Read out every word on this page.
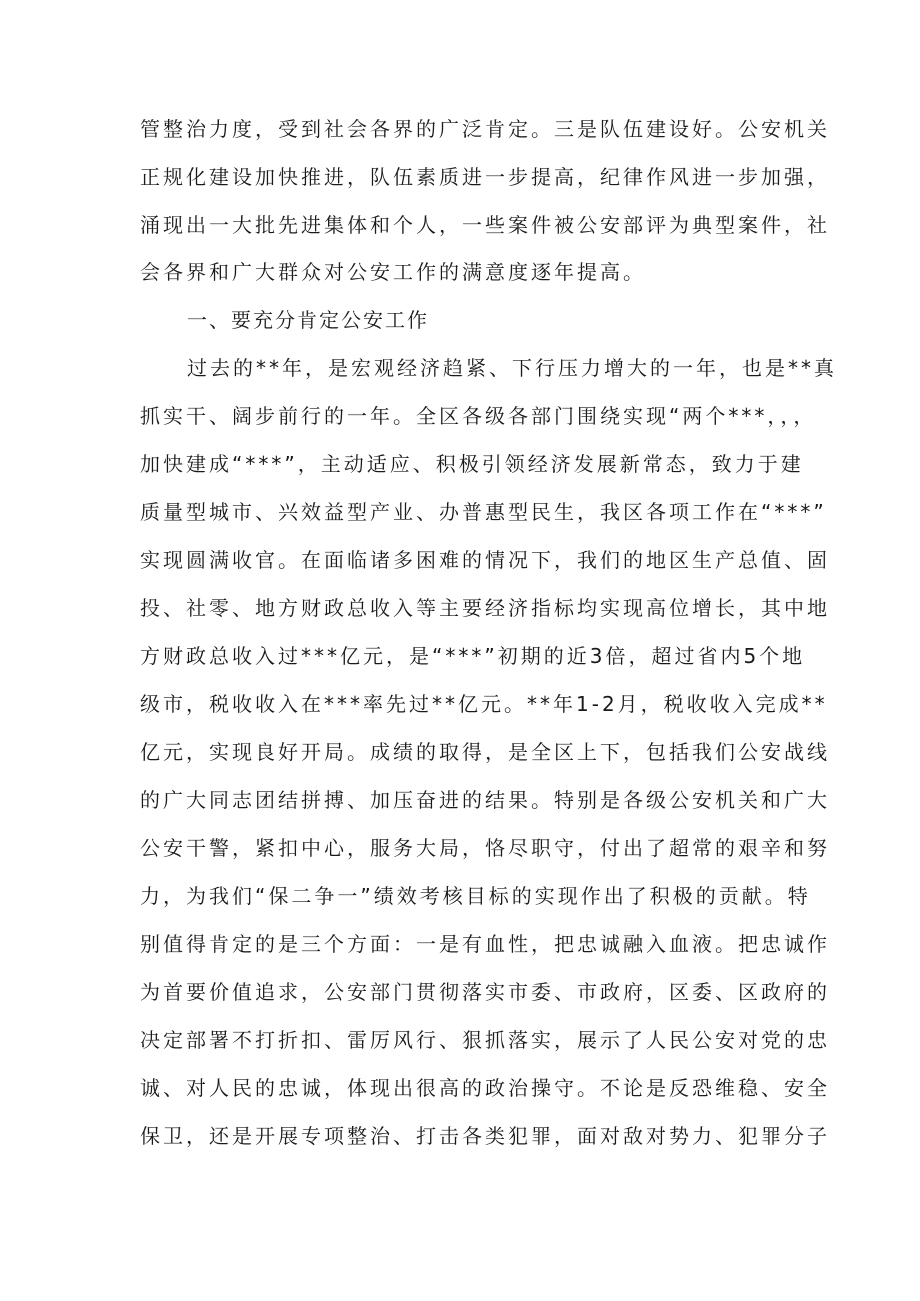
管整治力度，受到社会各界的广泛肯定。三是队伍建设好。公安机关
正规化建设加快推进，队伍素质进一步提高，纪律作风进一步加强，
涌现出一大批先进集体和个人，一些案件被公安部评为典型案件，社
会各界和广大群众对公安工作的满意度逐年提高。
一、要充分肯定公安工作
过去的**年，是宏观经济趋紧、下行压力增大的一年，也是**真
抓实干、阔步前行的一年。全区各级各部门围绕实现“两个***，，，
加快建成“***”，主动适应、积极引领经济发展新常态，致力于建
质量型城市、兴效益型产业、办普惠型民生，我区各项工作在“***”
实现圆满收官。在面临诸多困难的情况下，我们的地区生产总值、固
投、社零、地方财政总收入等主要经济指标均实现高位增长，其中地
方财政总收入过***亿元，是“***”初期的近3倍，超过省内5个地
级市，税收收入在***率先过**亿元。**年1-2月，税收收入完成**
亿元，实现良好开局。成绩的取得，是全区上下，包括我们公安战线
的广大同志团结拼搏、加压奋进的结果。特别是各级公安机关和广大
公安干警，紧扣中心，服务大局，恪尽职守，付出了超常的艰辛和努
力，为我们“保二争一”绩效考核目标的实现作出了积极的贡献。特
别值得肯定的是三个方面：一是有血性，把忠诚融入血液。把忠诚作
为首要价值追求，公安部门贯彻落实市委、市政府，区委、区政府的
决定部署不打折扣、雷厉风行、狠抓落实，展示了人民公安对党的忠
诚、对人民的忠诚，体现出很高的政治操守。不论是反恐维稳、安全
保卫，还是开展专项整治、打击各类犯罪，面对敌对势力、犯罪分子
